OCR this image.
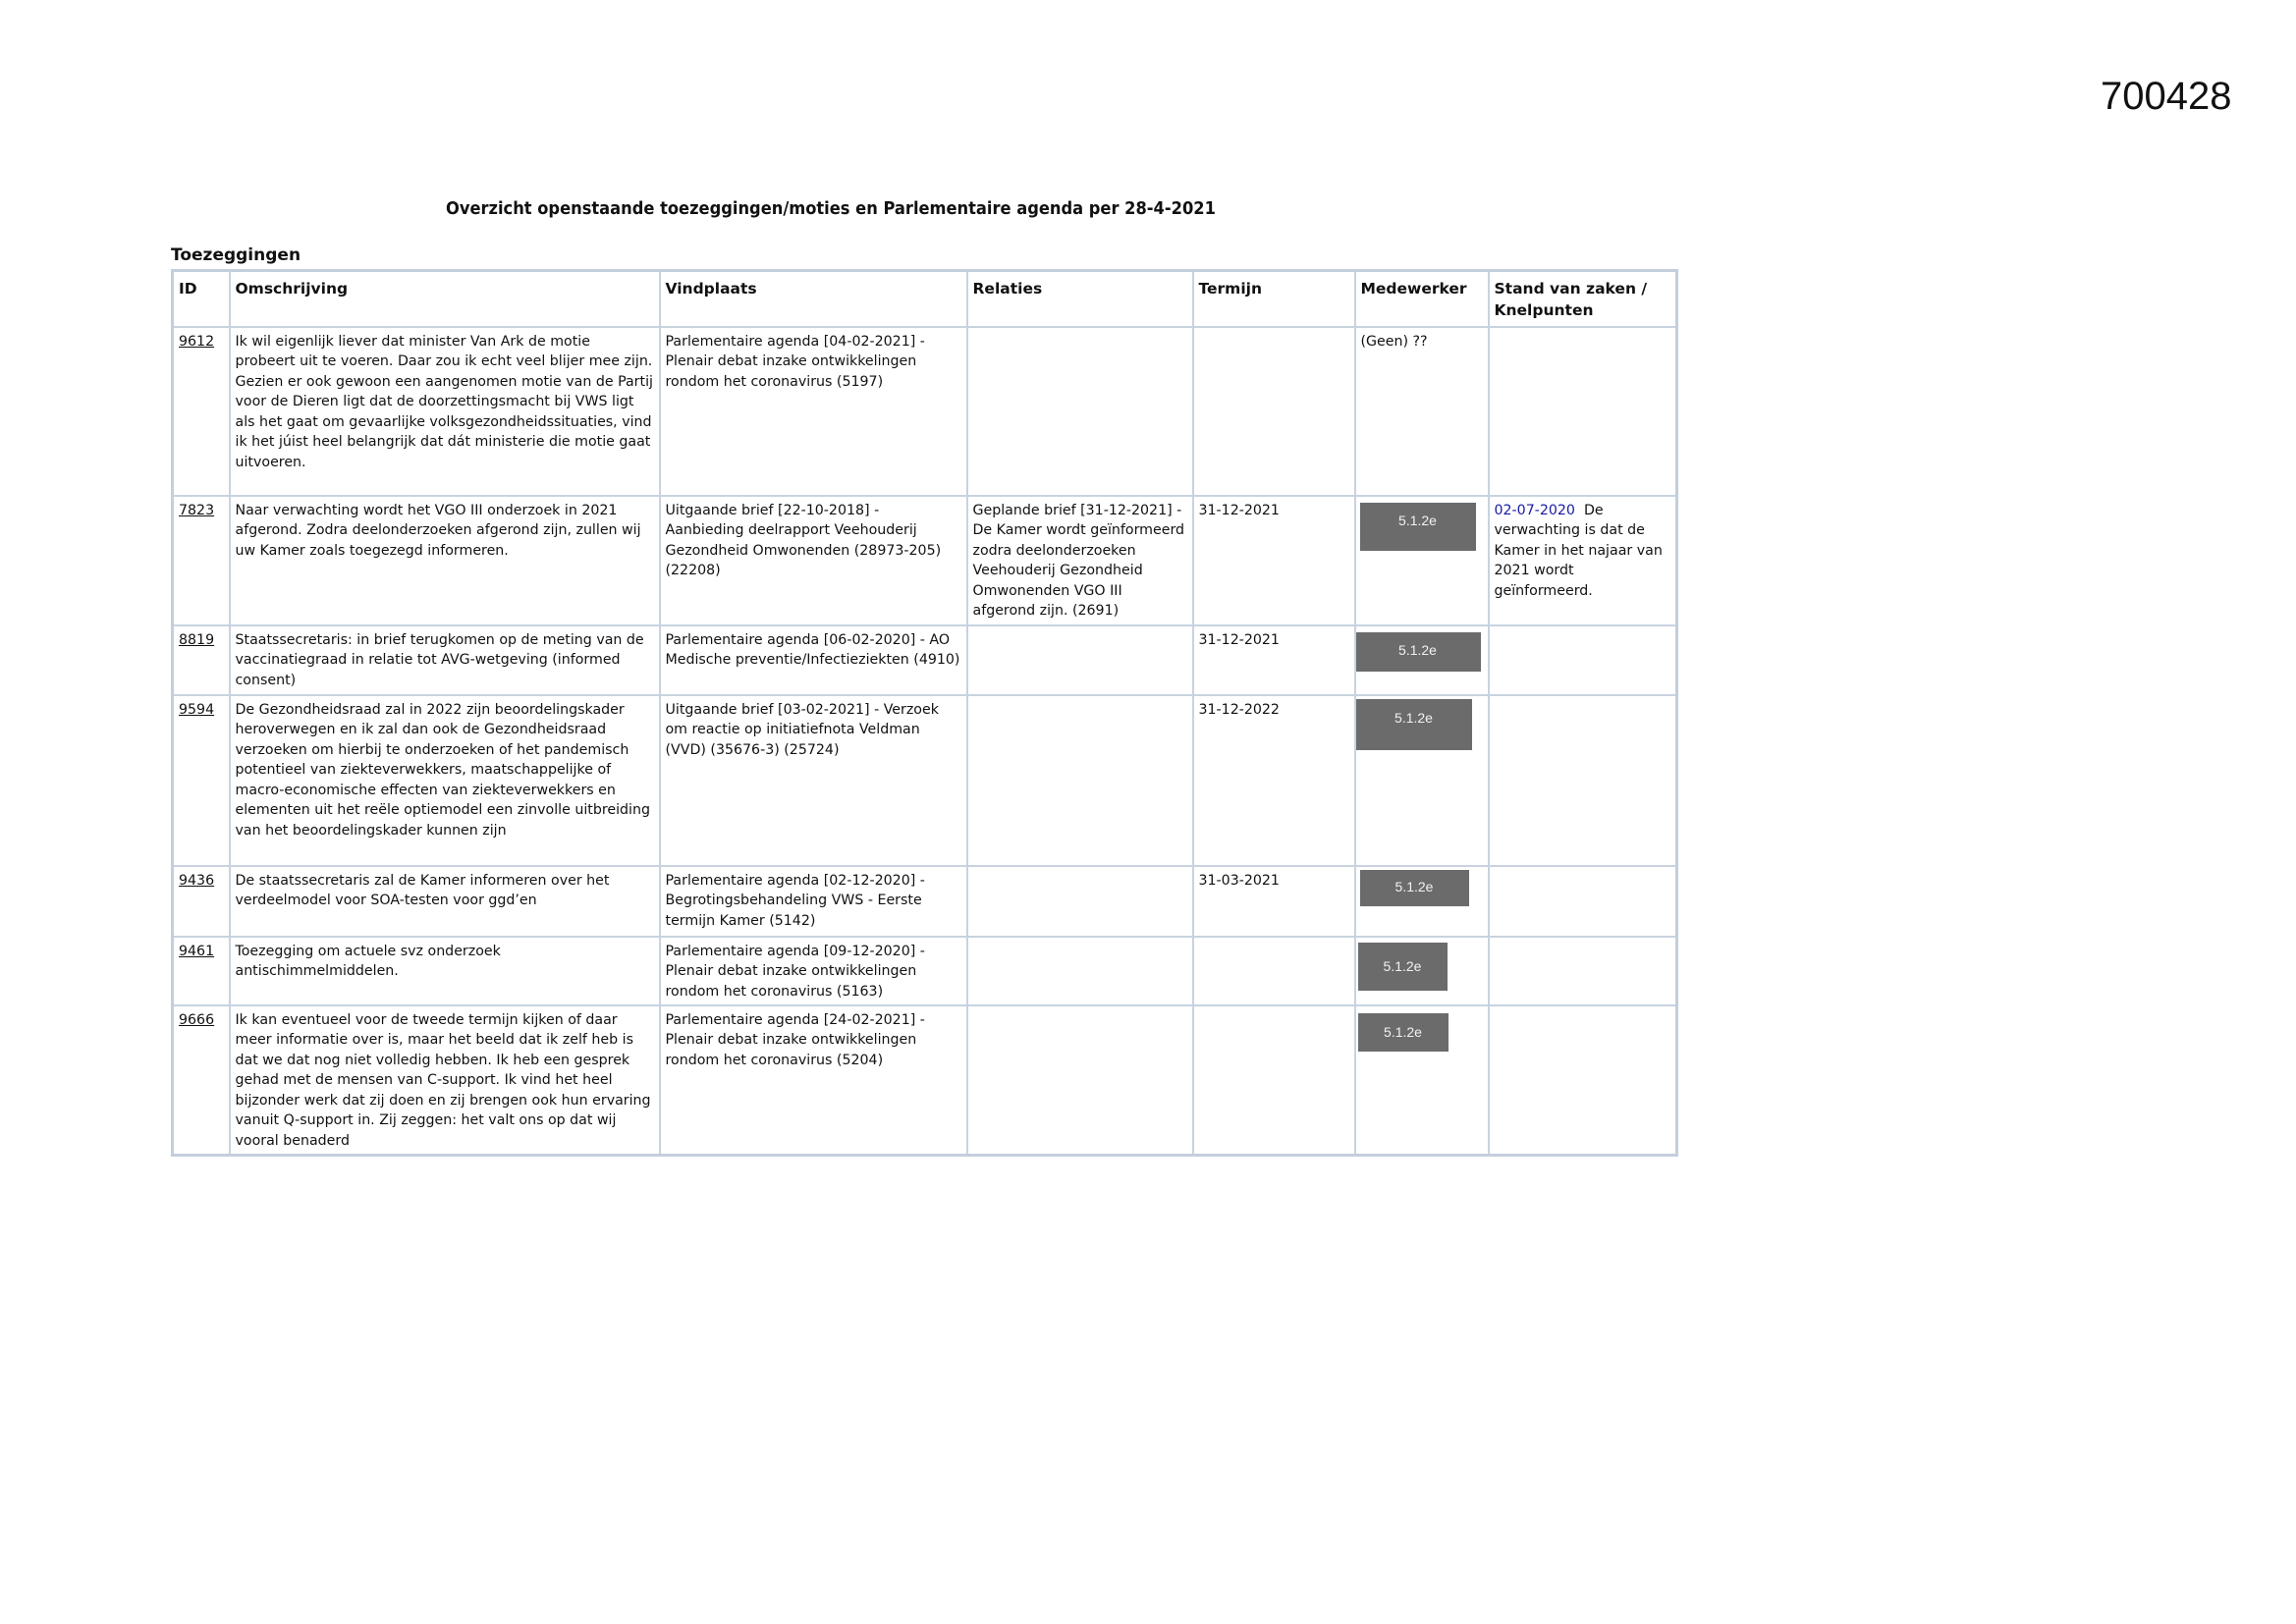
700428
Overzicht openstaande toezeggingen/moties en Parlementaire agenda per 28-4-2021
Toezeggingen
ID	Omschrijving	Vindplaats	Relaties	Termijn	Medewerker	Stand van zaken / Knelpunten
9612	Ik wil eigenlijk liever dat minister Van Ark de motie probeert uit te voeren. Daar zou ik echt veel blijer mee zijn. Gezien er ook gewoon een aangenomen motie van de Partij voor de Dieren ligt dat de doorzettingsmacht bij VWS ligt als het gaat om gevaarlijke volksgezondheidssituaties, vind ik het júist heel belangrijk dat dát ministerie die motie gaat uitvoeren.	Parlementaire agenda [04-02-2021] - Plenair debat inzake ontwikkelingen rondom het coronavirus (5197)			(Geen) ??	
7823	Naar verwachting wordt het VGO III onderzoek in 2021 afgerond. Zodra deelonderzoeken afgerond zijn, zullen wij uw Kamer zoals toegezegd informeren.	Uitgaande brief [22-10-2018] - Aanbieding deelrapport Veehouderij Gezondheid Omwonenden (28973-205) (22208)	Geplande brief [31-12-2021] - De Kamer wordt geïnformeerd zodra deelonderzoeken Veehouderij Gezondheid Omwonenden VGO III afgerond zijn. (2691)	31-12-2021	5.1.2e	02-07-2020 De verwachting is dat de Kamer in het najaar van 2021 wordt geïnformeerd.
8819	Staatssecretaris: in brief terugkomen op de meting van de vaccinatiegraad in relatie tot AVG-wetgeving (informed consent)	Parlementaire agenda [06-02-2020] - AO Medische preventie/Infectieziekten (4910)		31-12-2021	5.1.2e	

9594	De Gezondheidsraad zal in 2022 zijn beoordelingskader heroverwegen en ik zal dan ook de Gezondheidsraad verzoeken om hierbij te onderzoeken of het pandemisch potentieel van ziekteverwekkers, maatschappelijke of macro-economische effecten van ziekteverwekkers en elementen uit het reële optiemodel een zinvolle uitbreiding van het beoordelingskader kunnen zijn	Uitgaande brief [03-02-2021] - Verzoek om reactie op initiatiefnota Veldman (VVD) (35676-3) (25724)		31-12-2022	5.1.2e	

9436	De staatssecretaris zal de Kamer informeren over het verdeelmodel voor SOA-testen voor ggd’en	Parlementaire agenda [02-12-2020] - Begrotingsbehandeling VWS - Eerste termijn Kamer (5142)		31-03-2021	5.1.2e	

9461	Toezegging om actuele svz onderzoek antischimmelmiddelen.	Parlementaire agenda [09-12-2020] - Plenair debat inzake ontwikkelingen rondom het coronavirus (5163)			5.1.2e	

9666	Ik kan eventueel voor de tweede termijn kijken of daar meer informatie over is, maar het beeld dat ik zelf heb is dat we dat nog niet volledig hebben. Ik heb een gesprek gehad met de mensen van C-support. Ik vind het heel bijzonder werk dat zij doen en zij brengen ook hun ervaring vanuit Q-support in. Zij zeggen: het valt ons op dat wij vooral benaderd	Parlementaire agenda [24-02-2021] - Plenair debat inzake ontwikkelingen rondom het coronavirus (5204)			5.1.2e	
